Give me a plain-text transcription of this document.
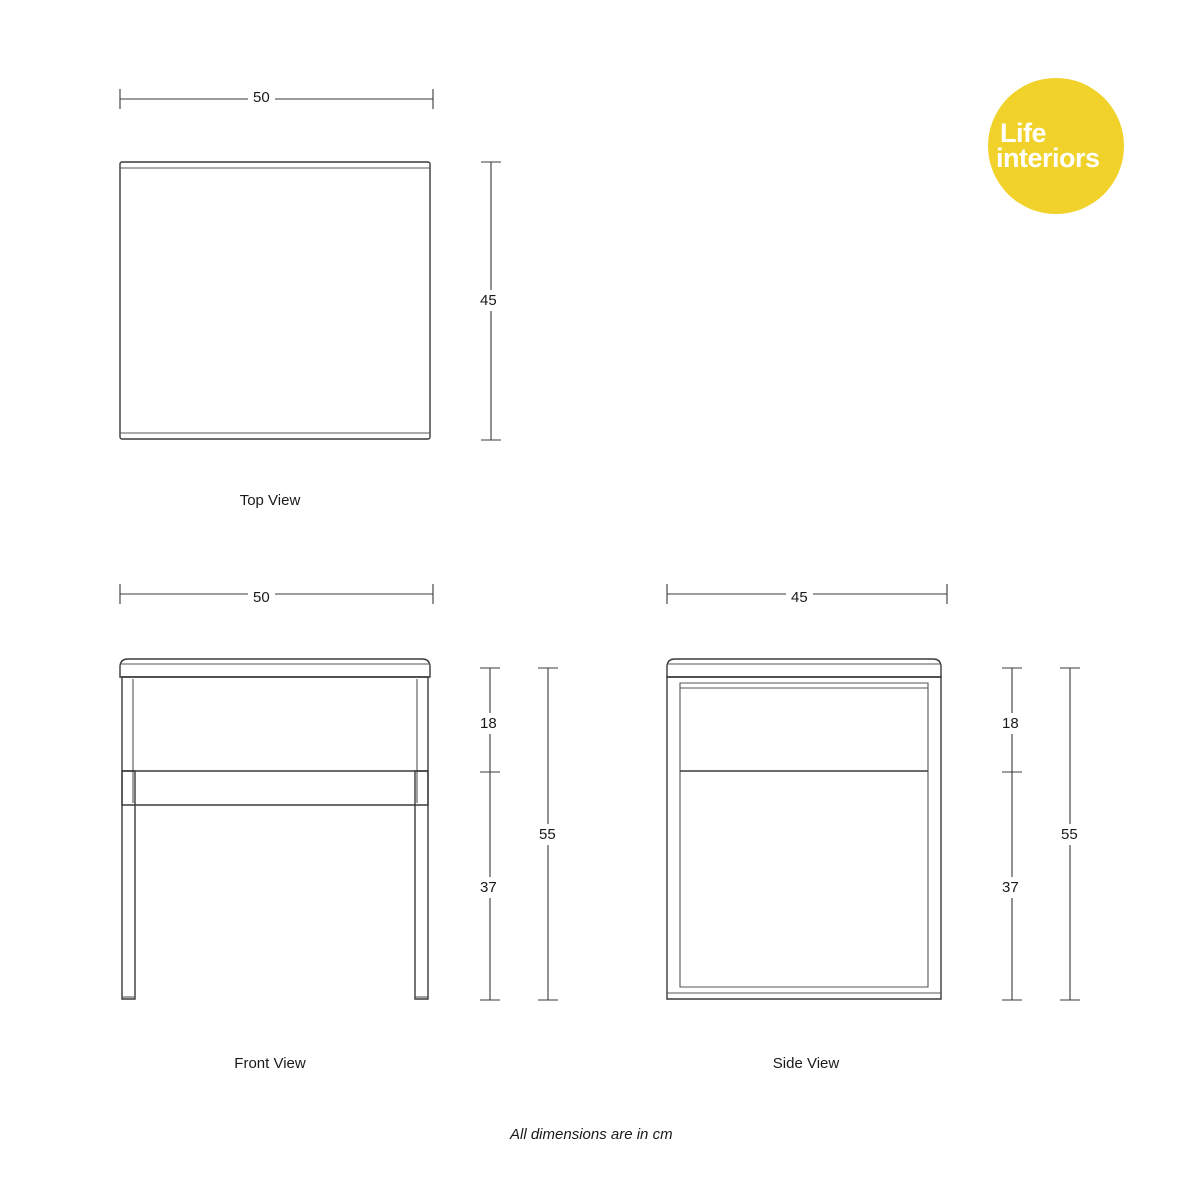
Life
interiors
50
45
Top View
50
18
37
55
Front View
45
18
37
55
Side View
All dimensions are in cm
